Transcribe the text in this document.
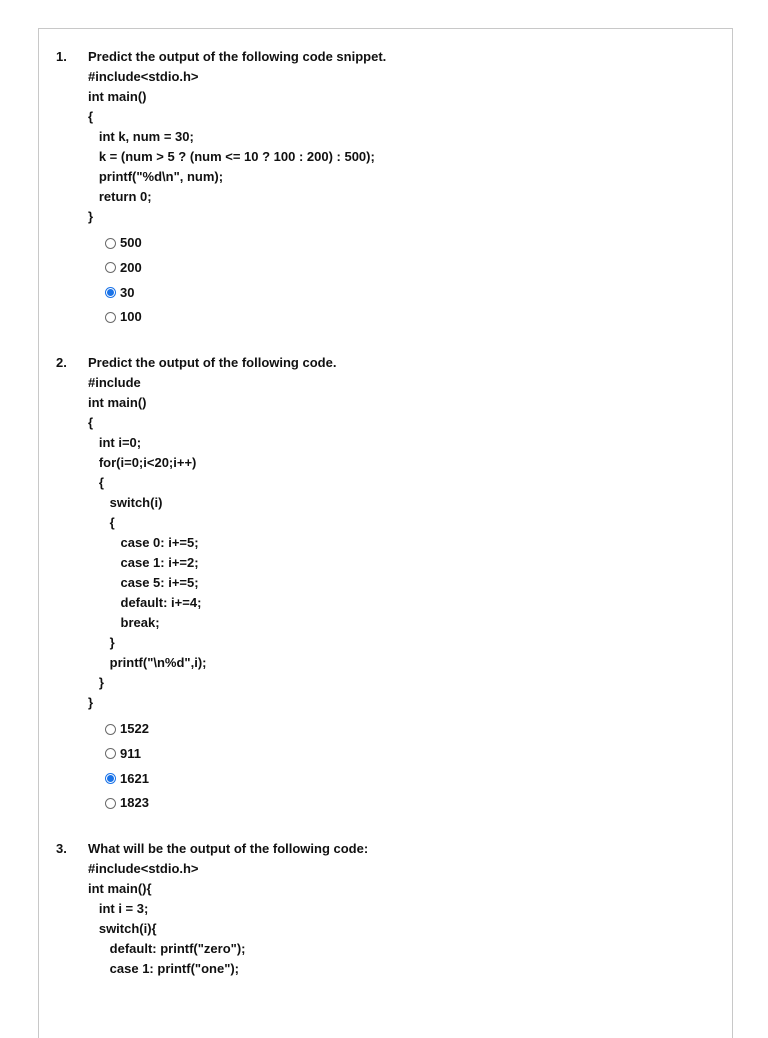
1. Predict the output of the following code snippet.
#include<stdio.h>
int main()
{
int k, num = 30;
k = (num > 5 ? (num <= 10 ? 100 : 200) : 500);
printf("%d\n", num);
return 0;
}
500
200
30
100
2. Predict the output of the following code.
#include
int main()
{
int i=0;
for(i=0;i<20;i++)
{
switch(i)
{
case 0: i+=5;
case 1: i+=2;
case 5: i+=5;
default: i+=4;
break;
}
printf("\n%d",i);
}
}
1522
911
1621
1823
3. What will be the output of the following code:
#include<stdio.h>
int main(){
int i = 3;
switch(i){
default: printf("zero");
case 1: printf("one");
